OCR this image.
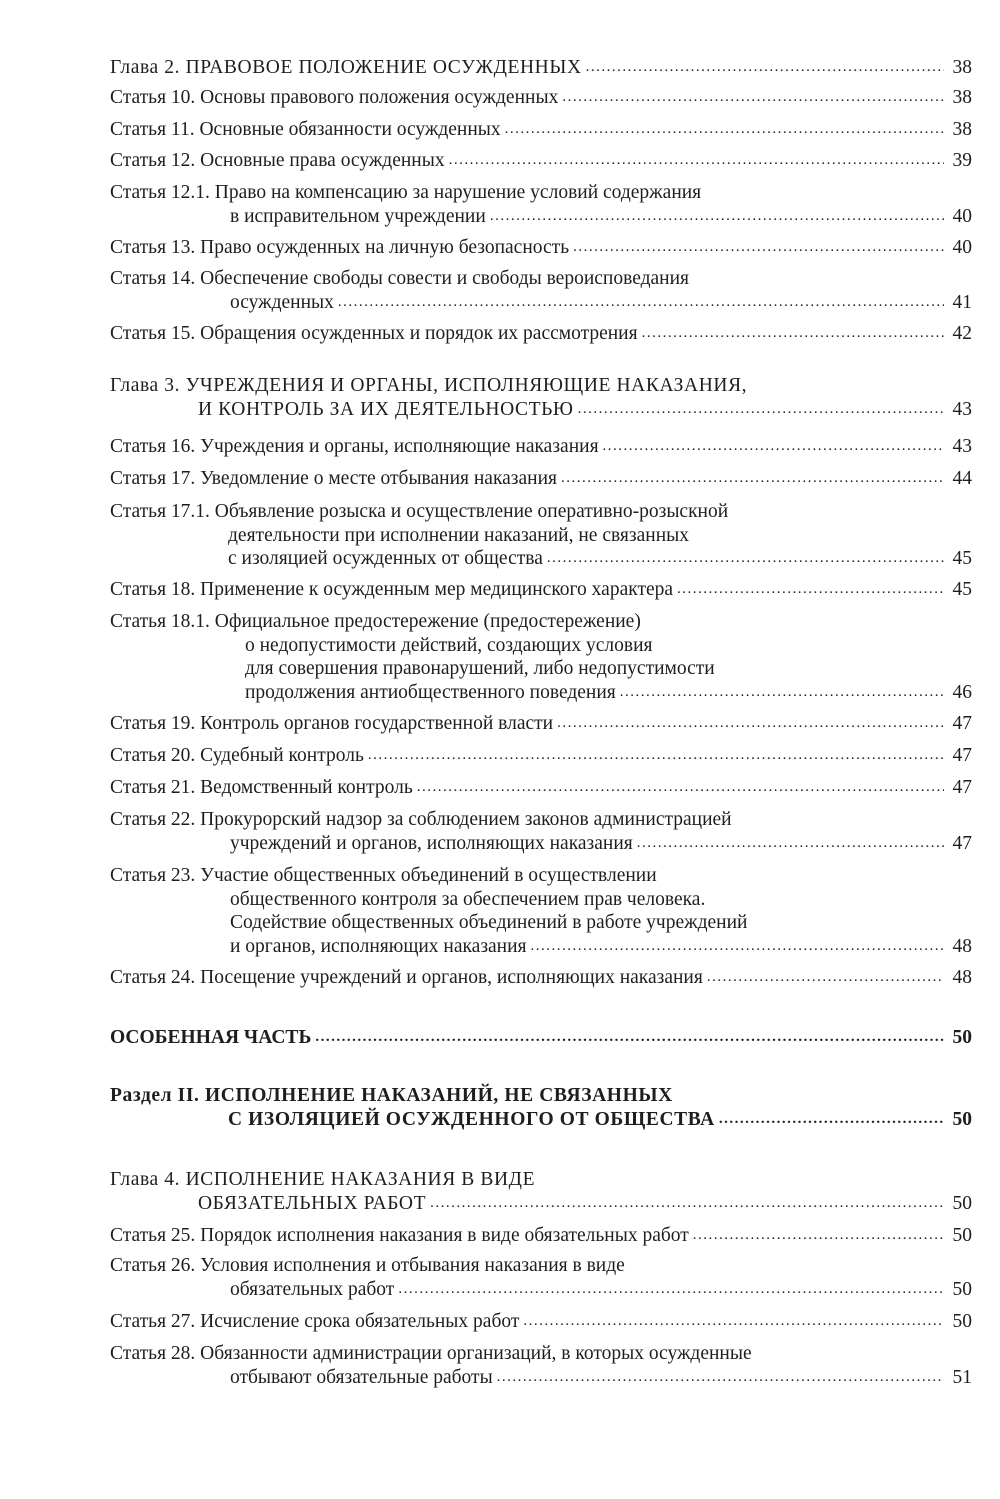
Глава 2. ПРАВОВОЕ ПОЛОЖЕНИЕ ОСУЖДЕННЫХ .....	38
Статья 10. Основы правового положения осужденных .....	38
Статья 11. Основные обязанности осужденных .....	38
Статья 12. Основные права осужденных .....	39
Статья 12.1. Право на компенсацию за нарушение условий содержания
в исправительном учреждении .....	40
Статья 13. Право осужденных на личную безопасность .....	40
Статья 14. Обеспечение свободы совести и свободы вероисповедания
осужденных .....	41
Статья 15. Обращения осужденных и порядок их рассмотрения .....	42
Глава 3. УЧРЕЖДЕНИЯ И ОРГАНЫ, ИСПОЛНЯЮЩИЕ НАКАЗАНИЯ,
И КОНТРОЛЬ ЗА ИХ ДЕЯТЕЛЬНОСТЬЮ .....	43
Статья 16. Учреждения и органы, исполняющие наказания .....	43
Статья 17. Уведомление о месте отбывания наказания .....	44
Статья 17.1. Объявление розыска и осуществление оперативно-розыскной
деятельности при исполнении наказаний, не связанных
с изоляцией осужденных от общества .....	45
Статья 18. Применение к осужденным мер медицинского характера .....	45
Статья 18.1. Официальное предостережение (предостережение)
о недопустимости действий, создающих условия
для совершения правонарушений, либо недопустимости
продолжения антиобщественного поведения .....	46
Статья 19. Контроль органов государственной власти .....	47
Статья 20. Судебный контроль .....	47
Статья 21. Ведомственный контроль .....	47
Статья 22. Прокурорский надзор за соблюдением законов администрацией
учреждений и органов, исполняющих наказания .....	47
Статья 23. Участие общественных объединений в осуществлении
общественного контроля за обеспечением прав человека.
Содействие общественных объединений в работе учреждений
и органов, исполняющих наказания .....	48
Статья 24. Посещение учреждений и органов, исполняющих наказания .....	48
ОСОБЕННАЯ ЧАСТЬ .....	50
Раздел II. ИСПОЛНЕНИЕ НАКАЗАНИЙ, НЕ СВЯЗАННЫХ
С ИЗОЛЯЦИЕЙ ОСУЖДЕННОГО ОТ ОБЩЕСТВА .....	50
Глава 4. ИСПОЛНЕНИЕ НАКАЗАНИЯ В ВИДЕ
ОБЯЗАТЕЛЬНЫХ РАБОТ .....	50
Статья 25. Порядок исполнения наказания в виде обязательных работ .....	50
Статья 26. Условия исполнения и отбывания наказания в виде
обязательных работ .....	50
Статья 27. Исчисление срока обязательных работ .....	50
Статья 28. Обязанности администрации организаций, в которых осужденные
отбывают обязательные работы .....	51
